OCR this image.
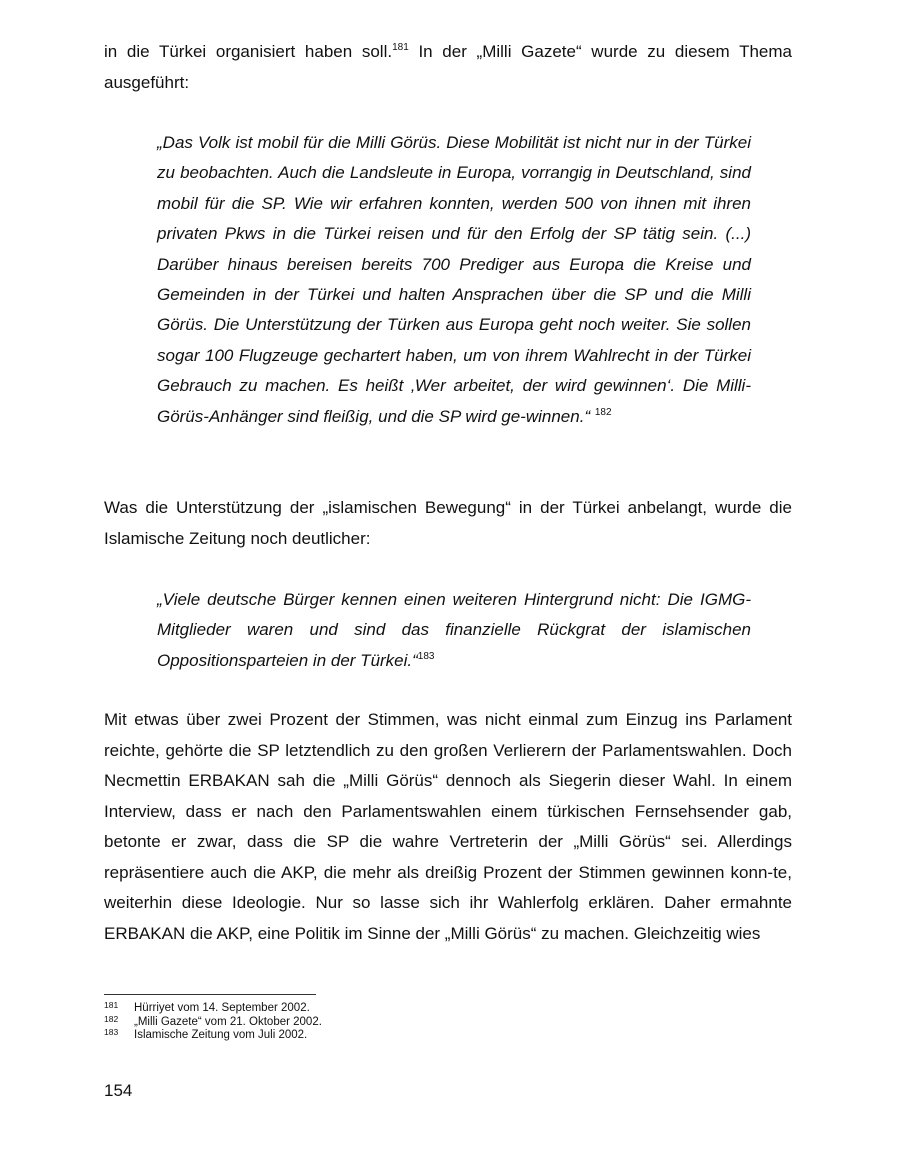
in die Türkei organisiert haben soll.$^{181}$ In der „Milli Gazete“ wurde zu diesem Thema ausgeführt:

„Das Volk ist mobil für die Milli Görüs. Diese Mobilität ist nicht nur in der Türkei zu beobachten. Auch die Landsleute in Europa, vorrangig in Deutschland, sind mobil für die SP. Wie wir erfahren konnten, werden 500 von ihnen mit ihren privaten Pkws in die Türkei reisen und für den Erfolg der SP tätig sein. (...) Darüber hinaus bereisen bereits 700 Prediger aus Europa die Kreise und Gemeinden in der Türkei und halten Ansprachen über die SP und die Milli Görüs. Die Unterstützung der Türken aus Europa geht noch weiter. Sie sollen sogar 100 Flugzeuge gechartert haben, um von ihrem Wahlrecht in der Türkei Gebrauch zu machen. Es heißt ‚Wer arbeitet, der wird gewinnen‘. Die Milli-Görüs-Anhänger sind fleißig, und die SP wird ge-winnen.“ $^{182}$

Was die Unterstützung der „islamischen Bewegung“ in der Türkei anbelangt, wurde die Islamische Zeitung noch deutlicher:

„Viele deutsche Bürger kennen einen weiteren Hintergrund nicht: Die IGMG-Mitglieder waren und sind das finanzielle Rückgrat der islamischen Oppositionsparteien in der Türkei.“$^{183}$

Mit etwas über zwei Prozent der Stimmen, was nicht einmal zum Einzug ins Parlament reichte, gehörte die SP letztendlich zu den großen Verlierern der Parlamentswahlen. Doch Necmettin ERBAKAN sah die „Milli Görüs“ dennoch als Siegerin dieser Wahl. In einem Interview, dass er nach den Parlamentswahlen einem türkischen Fernsehsender gab, betonte er zwar, dass die SP die wahre Vertreterin der „Milli Görüs“ sei. Allerdings repräsentiere auch die AKP, die mehr als dreißig Prozent der Stimmen gewinnen konn-te, weiterhin diese Ideologie. Nur so lasse sich ihr Wahlerfolg erklären. Daher ermahnte ERBAKAN die AKP, eine Politik im Sinne der „Milli Görüs“ zu machen. Gleichzeitig wies

181 Hürriyet vom 14. September 2002.
182 „Milli Gazete“ vom 21. Oktober 2002.
183 Islamische Zeitung vom Juli 2002.
154
